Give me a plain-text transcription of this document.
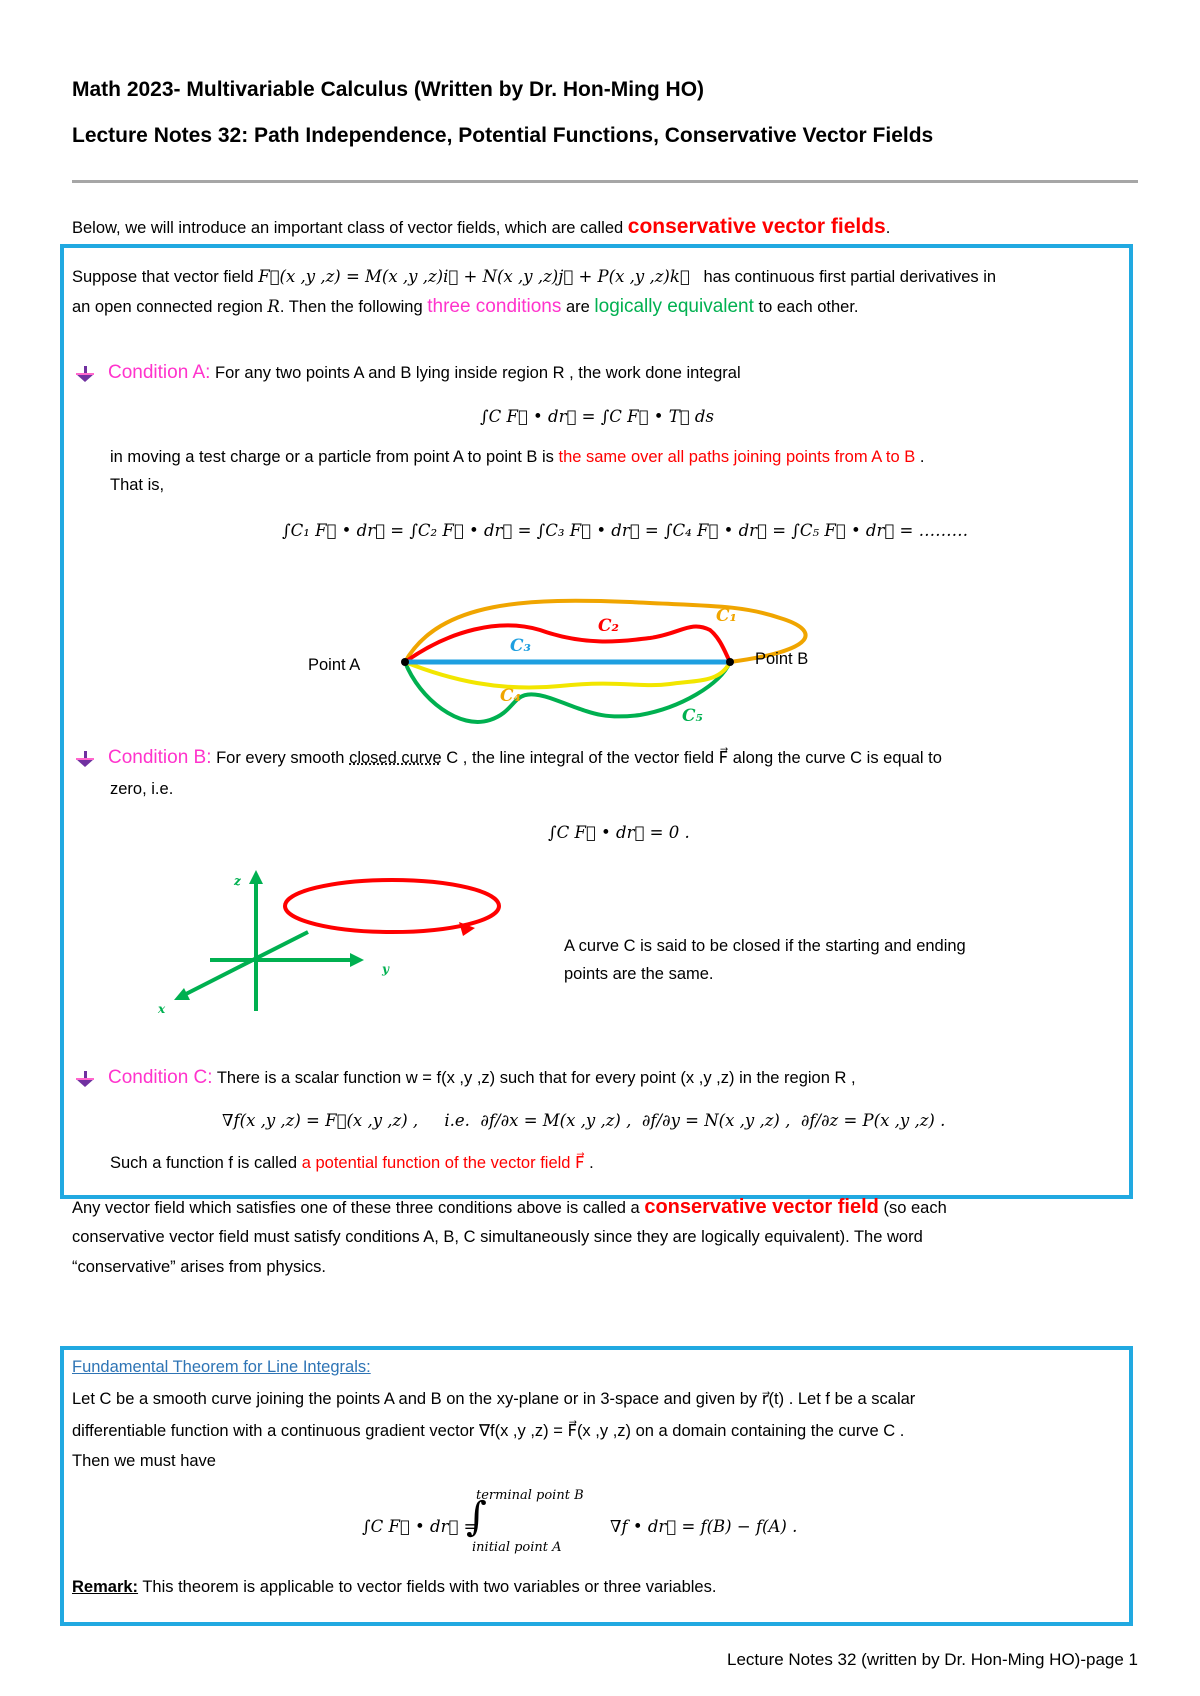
Math 2023- Multivariable Calculus (Written by Dr. Hon-Ming HO)
Lecture Notes 32: Path Independence, Potential Functions, Conservative Vector Fields
Below, we will introduce an important class of vector fields, which are called conservative vector fields.
Suppose that vector field F⃗(x ,y ,z) = M(x ,y ,z)i⃗ + N(x ,y ,z)j⃗ + P(x ,y ,z)k⃗ has continuous first partial derivatives in
an open connected region R. Then the following three conditions are logically equivalent to each other.
Condition A: For any two points A and B lying inside region R , the work done integral
∫C F⃗ • dr⃗ = ∫C F⃗ • T⃗ ds
in moving a test charge or a particle from point A to point B is the same over all paths joining points from A to B .
That is,
∫C₁ F⃗ • dr⃗ = ∫C₂ F⃗ • dr⃗ = ∫C₃ F⃗ • dr⃗ = ∫C₄ F⃗ • dr⃗ = ∫C₅ F⃗ • dr⃗ = ………
Point A	Point B
C₁
C₂
C₃
C₄
C₅
Condition B: For every smooth closed curve C , the line integral of the vector field F⃗ along the curve C is equal to
zero, i.e.
∫C F⃗ • dr⃗ = 0 .
z
y
x
A curve C is said to be closed if the starting and ending
points are the same.
Condition C: There is a scalar function w = f(x ,y ,z) such that for every point (x ,y ,z) in the region R ,
∇f(x ,y ,z) = F⃗(x ,y ,z) , i.e. ∂f/∂x = M(x ,y ,z) , ∂f/∂y = N(x ,y ,z) , ∂f/∂z = P(x ,y ,z) .
Such a function f is called a potential function of the vector field F⃗ .
Any vector field which satisfies one of these three conditions above is called a conservative vector field (so each
conservative vector field must satisfy conditions A, B, C simultaneously since they are logically equivalent). The word
“conservative” arises from physics.
Fundamental Theorem for Line Integrals:
Let C be a smooth curve joining the points A and B on the xy-plane or in 3-space and given by r⃗(t) . Let f be a scalar
differentiable function with a continuous gradient vector ∇f(x ,y ,z) = F⃗(x ,y ,z) on a domain containing the curve C .
Then we must have
∫C F⃗ • dr⃗ =
terminal point B
initial point A
∫	∇f • dr⃗ = f(B) − f(A) .
Remark: This theorem is applicable to vector fields with two variables or three variables.
Lecture Notes 32 (written by Dr. Hon-Ming HO)-page 1
